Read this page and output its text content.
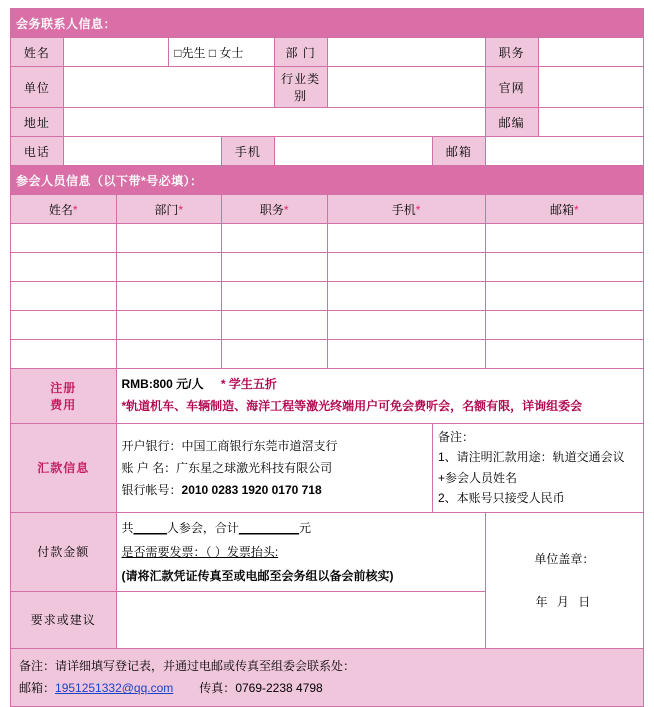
会务联系人信息：									
姓名			□先生 □ 女士		部 门			职务	
单位					行业类别			官网	
地址								邮编	
电话				手机			邮箱		
参会人员信息（以下带*号必填）：									
姓名*		部门*		职务*		手机*		邮箱*	

注册
费用

RMB:800 元/人 * 学生五折
*轨道机车、车辆制造、海洋工程等激光终端用户可免会费听会，名额有限，详询组委会

汇款信息	
开户银行：中国工商银行东莞市道滘支行
账 户 名：广东星之球激光科技有限公司
银行帐号：2010 0283 1920 0170 718

备注：
1、请注明汇款用途：轨道交通会议+参会人员姓名
2、本账号只接受人民币

付款金额	
共_____人参会，合计_________元
是否需要发票：（ ）发票抬头:
(请将汇款凭证传真至或电邮至会务组以备会前核实)

单位盖章：
年 月 日

要求或建议									
备注：请详细填写登记表，并通过电邮或传真至组委会联系处：
邮箱：1951251332@qq.com 传真：0769-2238 4798
